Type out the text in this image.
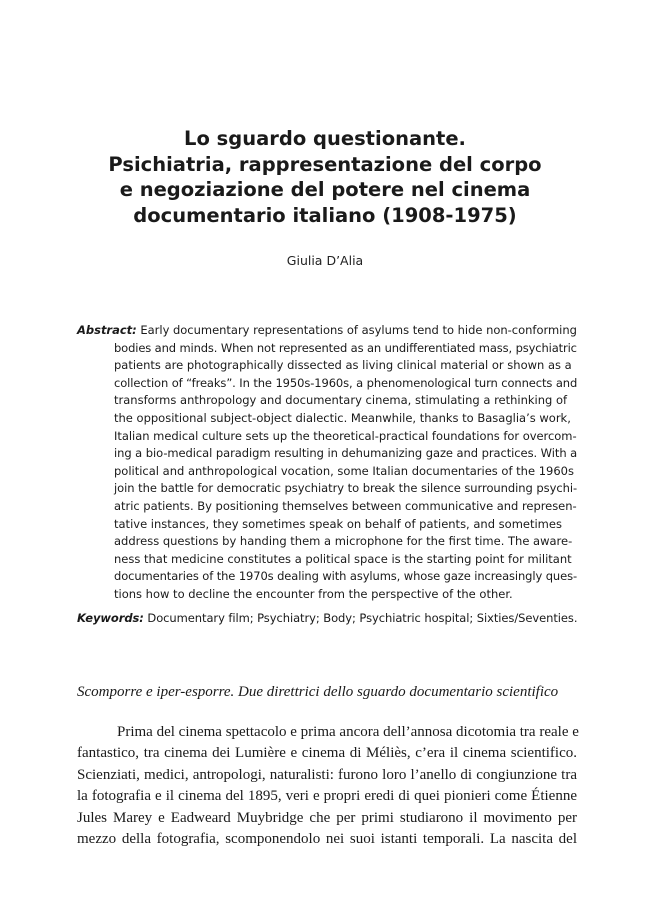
Lo sguardo questionante.
Psichiatria, rappresentazione del corpo
e negoziazione del potere nel cinema
documentario italiano (1908-1975)
Giulia D’Alia
Abstract: Early documentary representations of asylums tend to hide non-conforming
bodies and minds. When not represented as an undifferentiated mass, psychiatric
patients are photographically dissected as living clinical material or shown as a
collection of “freaks”. In the 1950s-1960s, a phenomenological turn connects and
transforms anthropology and documentary cinema, stimulating a rethinking of
the oppositional subject-object dialectic. Meanwhile, thanks to Basaglia’s work,
Italian medical culture sets up the theoretical-practical foundations for overcom-
ing a bio-medical paradigm resulting in dehumanizing gaze and practices. With a
political and anthropological vocation, some Italian documentaries of the 1960s
join the battle for democratic psychiatry to break the silence surrounding psychi-
atric patients. By positioning themselves between communicative and represen-
tative instances, they sometimes speak on behalf of patients, and sometimes
address questions by handing them a microphone for the first time. The aware-
ness that medicine constitutes a political space is the starting point for militant
documentaries of the 1970s dealing with asylums, whose gaze increasingly ques-
tions how to decline the encounter from the perspective of the other.
Keywords: Documentary film; Psychiatry; Body; Psychiatric hospital; Sixties/Seventies.
Scomporre e iper-esporre. Due direttrici dello sguardo documentario scientifico
Prima del cinema spettacolo e prima ancora dell’annosa dicotomia tra reale e
fantastico, tra cinema dei Lumière e cinema di Méliès, c’era il cinema scientifico.
Scienziati, medici, antropologi, naturalisti: furono loro l’anello di congiunzione tra
la fotografia e il cinema del 1895, veri e propri eredi di quei pionieri come Étienne
Jules Marey e Eadweard Muybridge che per primi studiarono il movimento per
mezzo della fotografia, scomponendolo nei suoi istanti temporali. La nascita del
